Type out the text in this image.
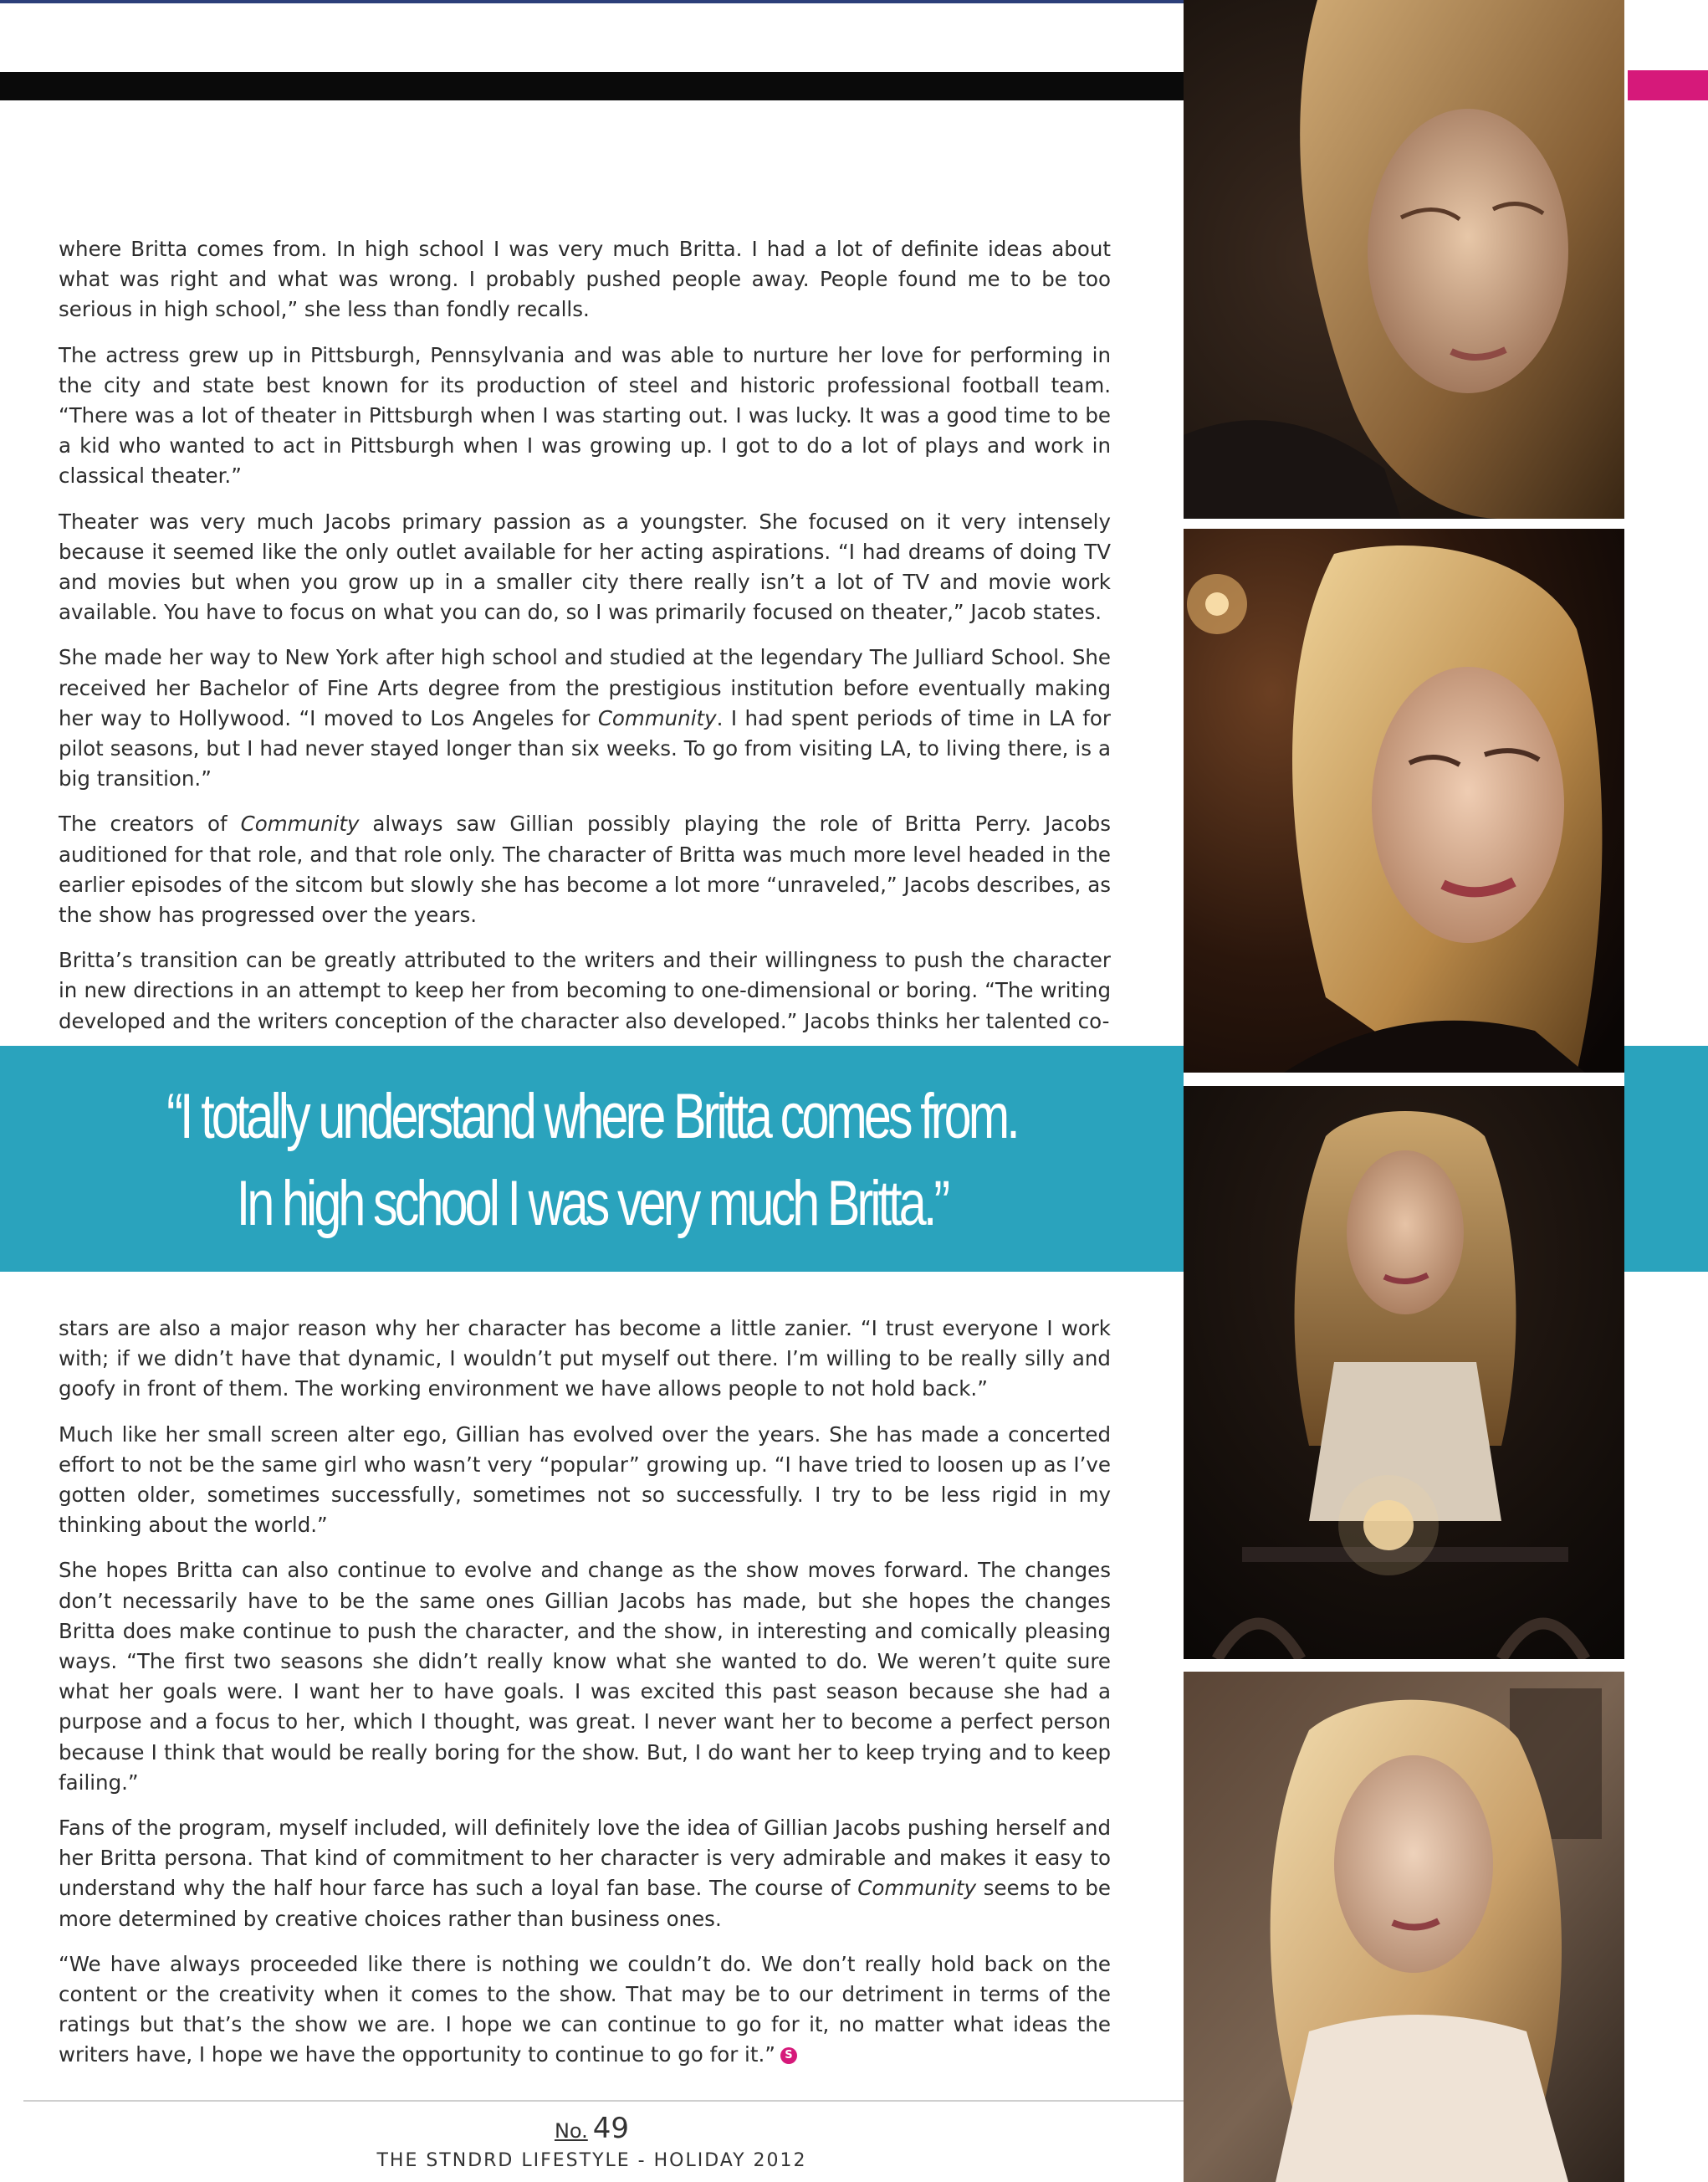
“I totally understand where Britta comes from.
In high school I was very much Britta.”

where Britta comes from. In high school I was very much Britta. I had a lot of definite ideas about what was right and what was wrong. I probably pushed people away. People found me to be too serious in high school,” she less than fondly recalls.

The actress grew up in Pittsburgh, Pennsylvania and was able to nurture her love for performing in the city and state best known for its production of steel and historic professional football team. “There was a lot of theater in Pittsburgh when I was starting out. I was lucky. It was a good time to be a kid who wanted to act in Pittsburgh when I was growing up. I got to do a lot of plays and work in classical theater.”

Theater was very much Jacobs primary passion as a youngster. She focused on it very intensely because it seemed like the only outlet available for her acting aspirations. “I had dreams of doing TV and movies but when you grow up in a smaller city there really isn’t a lot of TV and movie work available. You have to focus on what you can do, so I was primarily focused on theater,” Jacob states.

She made her way to New York after high school and studied at the legendary The Julliard School. She received her Bachelor of Fine Arts degree from the prestigious institution before eventually making her way to Hollywood. “I moved to Los Angeles for Community. I had spent periods of time in LA for pilot seasons, but I had never stayed longer than six weeks. To go from visiting LA, to living there, is a big transition.”

The creators of Community always saw Gillian possibly playing the role of Britta Perry. Jacobs auditioned for that role, and that role only. The character of Britta was much more level headed in the earlier episodes of the sitcom but slowly she has become a lot more “unraveled,” Jacobs describes, as the show has progressed over the years.

Britta’s transition can be greatly attributed to the writers and their willingness to push the character in new directions in an attempt to keep her from becoming to one-dimensional or boring. “The writing developed and the writers conception of the character also developed.” Jacobs thinks her talented co-

stars are also a major reason why her character has become a little zanier. “I trust everyone I work with; if we didn’t have that dynamic, I wouldn’t put myself out there. I’m willing to be really silly and goofy in front of them. The working environment we have allows people to not hold back.”

Much like her small screen alter ego, Gillian has evolved over the years. She has made a concerted effort to not be the same girl who wasn’t very “popular” growing up. “I have tried to loosen up as I’ve gotten older, sometimes successfully, sometimes not so successfully. I try to be less rigid in my thinking about the world.”

She hopes Britta can also continue to evolve and change as the show moves forward. The changes don’t necessarily have to be the same ones Gillian Jacobs has made, but she hopes the changes Britta does make continue to push the character, and the show, in interesting and comically pleasing ways. “The first two seasons she didn’t really know what she wanted to do. We weren’t quite sure what her goals were. I want her to have goals. I was excited this past season because she had a purpose and a focus to her, which I thought, was great. I never want her to become a perfect person because I think that would be really boring for the show. But, I do want her to keep trying and to keep failing.”

Fans of the program, myself included, will definitely love the idea of Gillian Jacobs pushing herself and her Britta persona. That kind of commitment to her character is very admirable and makes it easy to understand why the half hour farce has such a loyal fan base. The course of Community seems to be more determined by creative choices rather than business ones.

“We have always proceeded like there is nothing we couldn’t do. We don’t really hold back on the content or the creativity when it comes to the show. That may be to our detriment in terms of the ratings but that’s the show we are. I hope we can continue to go for it, no matter what ideas the writers have, I hope we have the opportunity to continue to go for it.” S

No. 49
THE STNDRD LIFESTYLE - HOLIDAY 2012
